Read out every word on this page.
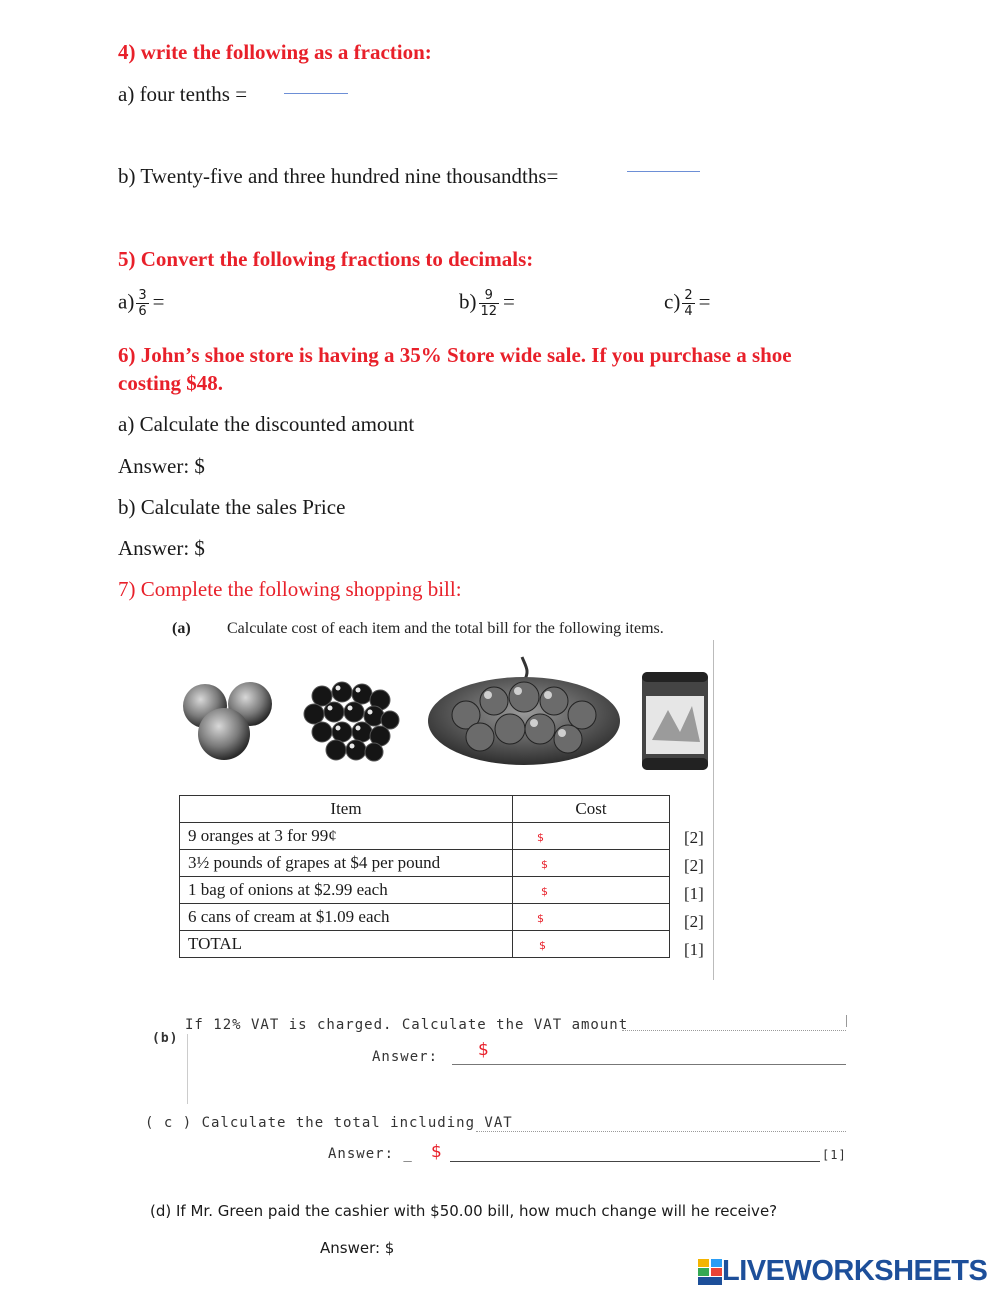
4) write the following as a fraction:
a) four tenths =
b) Twenty-five and three hundred nine thousandths=
5) Convert the following fractions to decimals:
$a) \frac{3}{6}$ =	$b) \frac{9}{12}$ =	$c) \frac{2}{4}$ =
6) John’s shoe store is having a 35% Store wide sale. If you purchase a shoe
costing $48.
a) Calculate the discounted amount
Answer: $
b) Calculate the sales Price
Answer: $
7) Complete the following shopping bill:
(a) Calculate cost of each item and the total bill for the following items.
Item	Cost
9 oranges at 3 for 99¢	$
3½ pounds of grapes at $4 per pound	$
1 bag of onions at $2.99 each	$
6 cans of cream at $1.09 each	$
TOTAL	$
[2]
[2]
[1]
[2]
[1]
(b)
If 12% VAT is charged. Calculate the VAT amount
Answer: $
( c ) Calculate the total including VAT
Answer: _ $	[1]
(d) If Mr. Green paid the cashier with $50.00 bill, how much change will he receive?
Answer: $
LIVEWORKSHEETS
